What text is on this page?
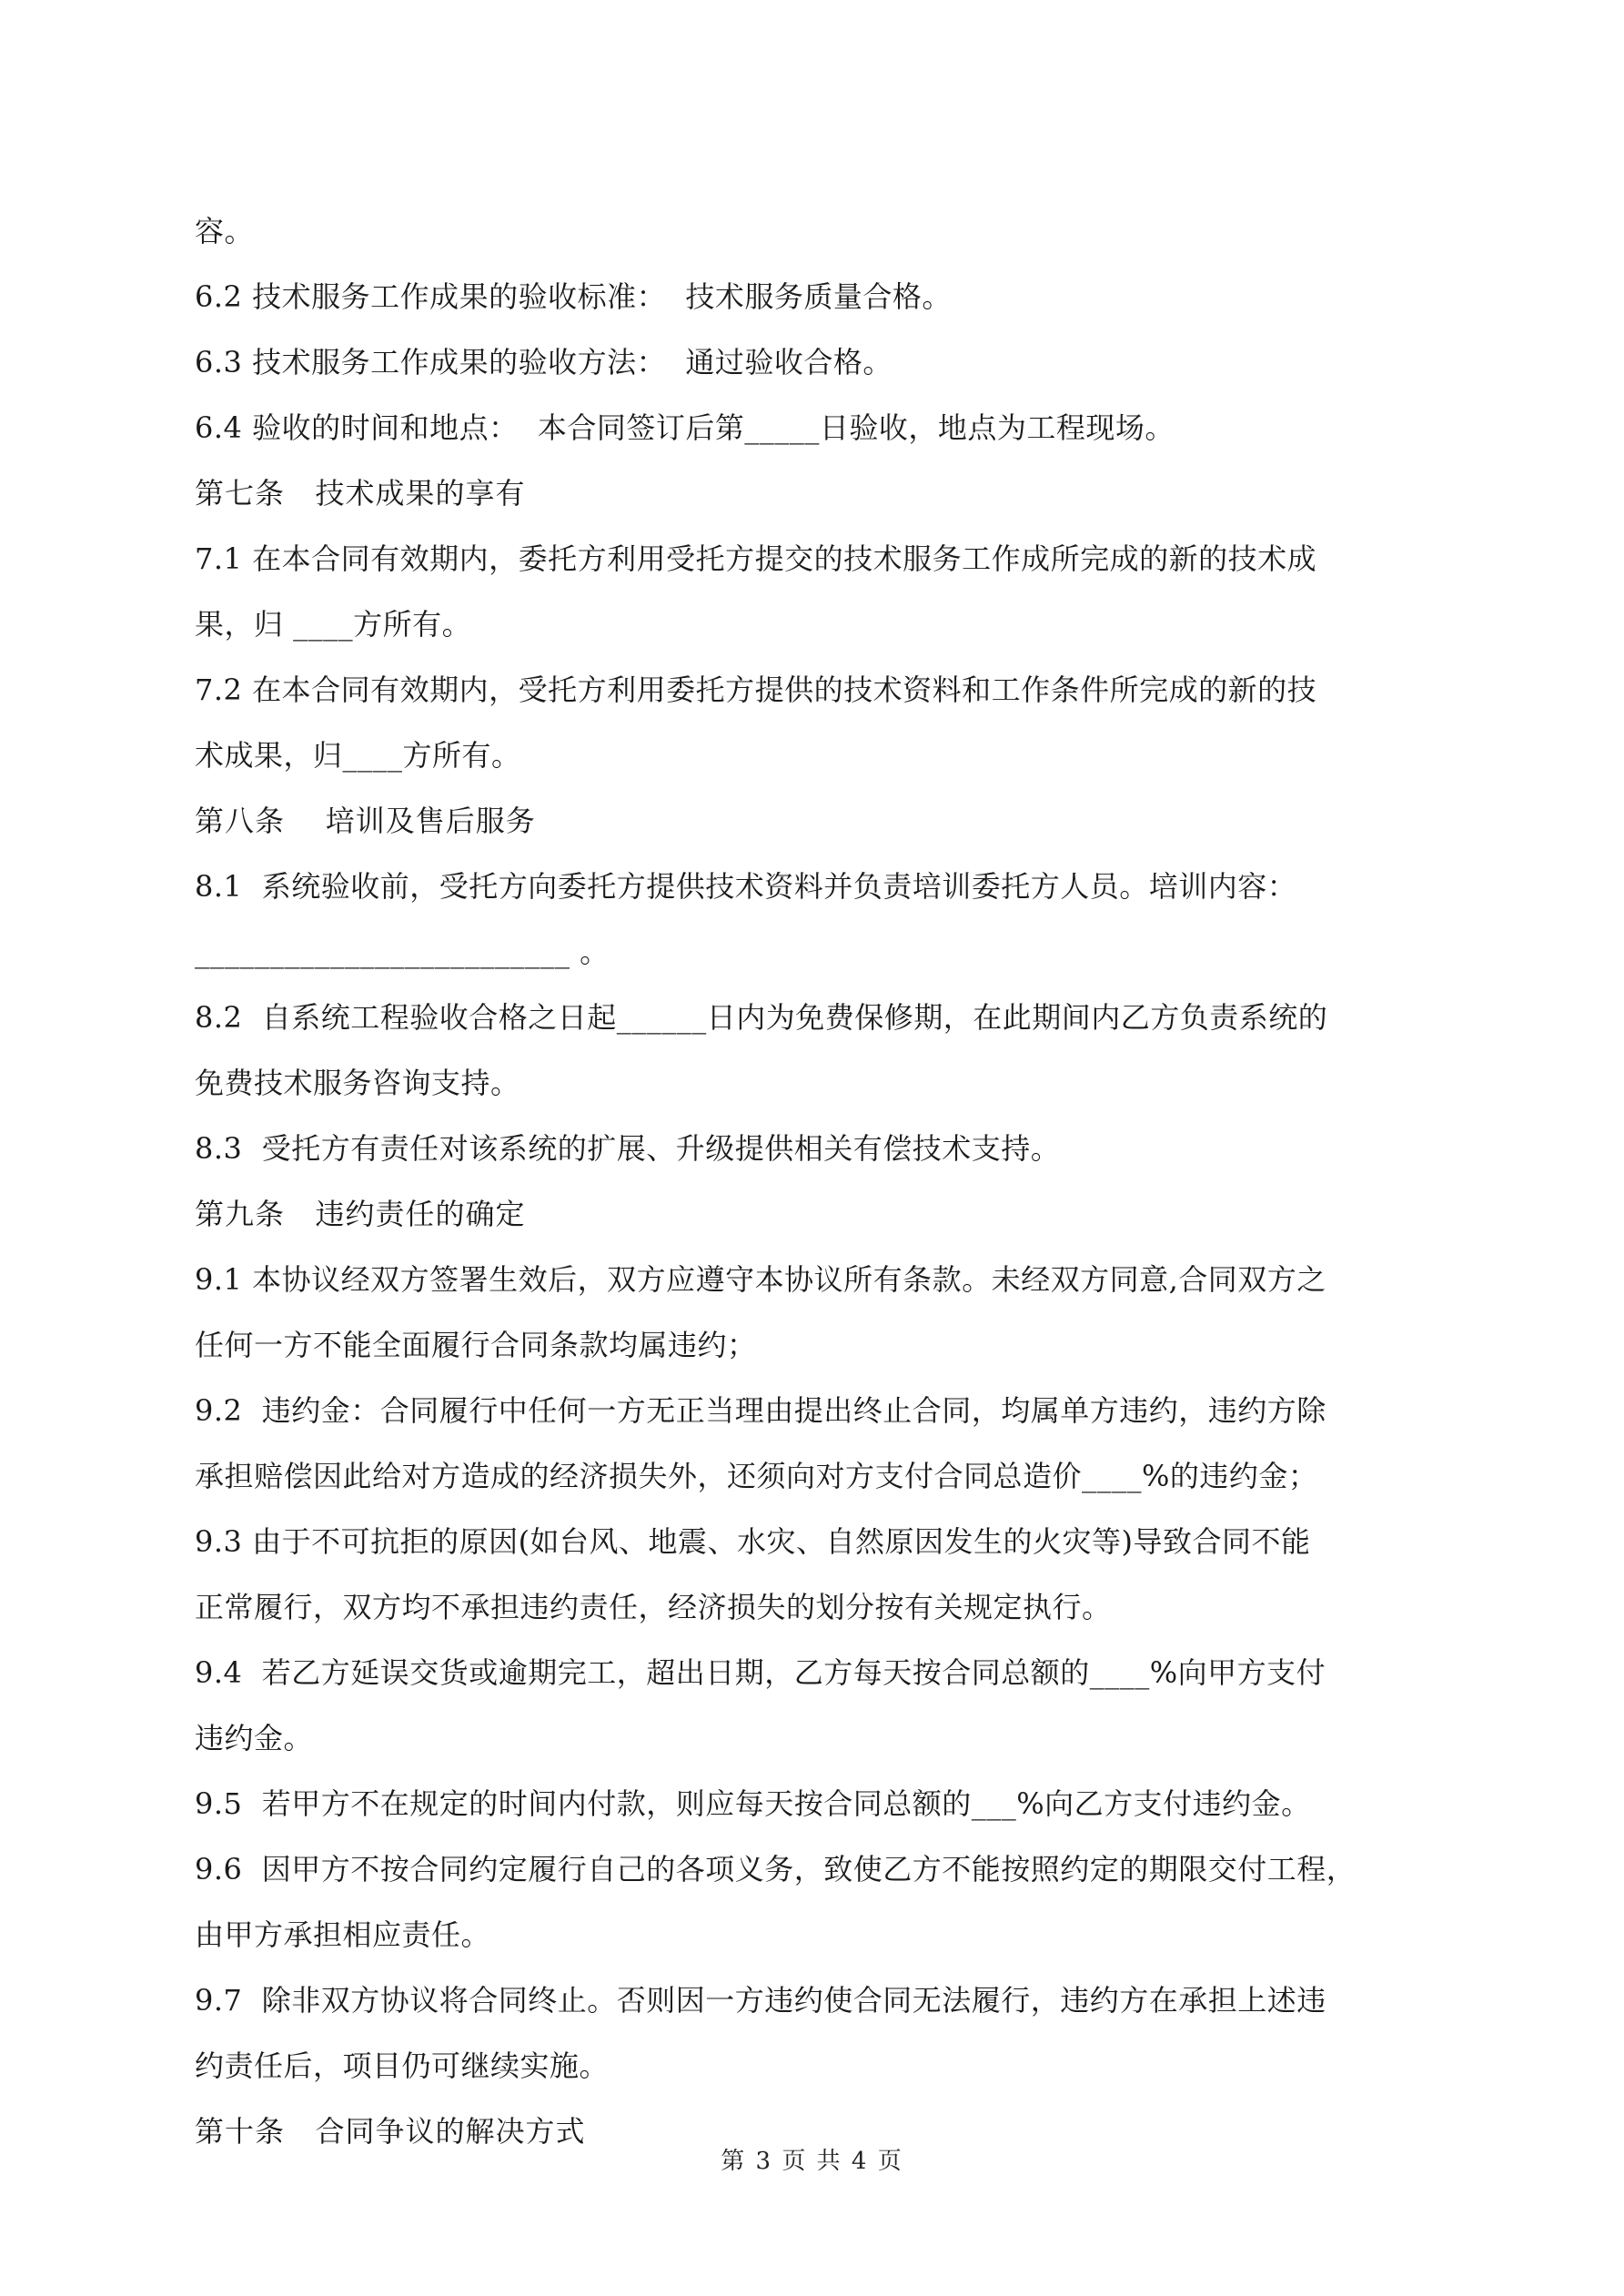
容。
6.2 技术服务工作成果的验收标准：  技术服务质量合格。
6.3 技术服务工作成果的验收方法：  通过验收合格。
6.4 验收的时间和地点：  本合同签订后第_____日验收，地点为工程现场。
第七条   技术成果的享有
7.1 在本合同有效期内，委托方利用受托方提交的技术服务工作成所完成的新的技术成
果，归 ____方所有。
7.2 在本合同有效期内，受托方利用委托方提供的技术资料和工作条件所完成的新的技
术成果，归____方所有。
第八条    培训及售后服务
8.1  系统验收前，受托方向委托方提供技术资料并负责培训委托方人员。培训内容：
_________________________ 。
8.2  自系统工程验收合格之日起______日内为免费保修期，在此期间内乙方负责系统的
免费技术服务咨询支持。
8.3  受托方有责任对该系统的扩展、升级提供相关有偿技术支持。
第九条   违约责任的确定
9.1 本协议经双方签署生效后，双方应遵守本协议所有条款。未经双方同意,合同双方之
任何一方不能全面履行合同条款均属违约；
9.2  违约金：合同履行中任何一方无正当理由提出终止合同，均属单方违约，违约方除
承担赔偿因此给对方造成的经济损失外，还须向对方支付合同总造价____%的违约金；
9.3 由于不可抗拒的原因(如台风、地震、水灾、自然原因发生的火灾等)导致合同不能
正常履行，双方均不承担违约责任，经济损失的划分按有关规定执行。
9.4  若乙方延误交货或逾期完工，超出日期，乙方每天按合同总额的____%向甲方支付
违约金。
9.5  若甲方不在规定的时间内付款，则应每天按合同总额的___%向乙方支付违约金。
9.6  因甲方不按合同约定履行自己的各项义务，致使乙方不能按照约定的期限交付工程，
由甲方承担相应责任。
9.7  除非双方协议将合同终止。否则因一方违约使合同无法履行，违约方在承担上述违
约责任后，项目仍可继续实施。
第十条   合同争议的解决方式
第 3 页 共 4 页
